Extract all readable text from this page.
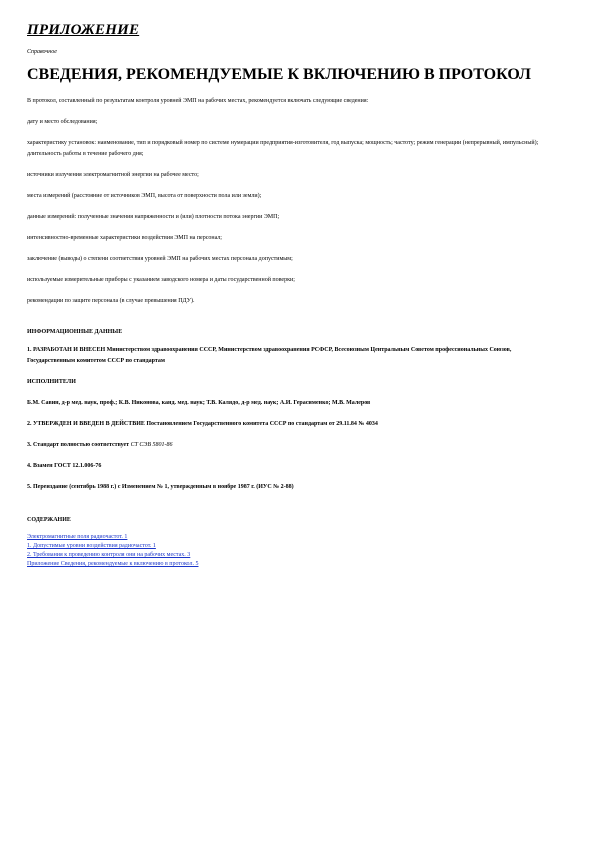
ПРИЛОЖЕНИЕ
Справочное
СВЕДЕНИЯ, РЕКОМЕНДУЕМЫЕ К ВКЛЮЧЕНИЮ В ПРОТОКОЛ

В протокол, составленный по результатам контроля уровней ЭМП на рабочих местах, рекомендуется включать следующие сведения:

дату и место обследования;

характеристику установок: наименование, тип и порядковый номер по системе нумерации предприятия-изготовителя, год выпуска; мощность; частоту; режим генерации (непрерывный, импульсный); длительность работы в течение рабочего дня;

источники излучения электромагнитной энергии на рабочее место;

места измерений (расстояние от источников ЭМП, высота от поверхности пола или земли);

данные измерений: полученные значения напряженности и (или) плотности потока энергии ЭМП;

интенсивностно-временные характеристики воздействия ЭМП на персонал;

заключение (выводы) о степени соответствия уровней ЭМП на рабочих местах персонала допустимым;

используемые измерительные приборы с указанием заводского номера и даты государственной поверки;

рекомендации по защите персонала (в случае превышения ПДУ).

ИНФОРМАЦИОННЫЕ ДАННЫЕ

1. РАЗРАБОТАН И ВНЕСЕН Министерством здравоохранения СССР, Министерством здравоохранения РСФСР, Всесоюзным Центральным Советом профессиональных Союзов, Государственным комитетом СССР по стандартам

ИСПОЛНИТЕЛИ

Б.М. Савин, д-р мед. наук, проф.; К.В. Никонова, канд. мед. наук; Т.В. Калядо, д-р мед. наук; А.И. Герасименко; М.В. Малеров

2. УТВЕРЖДЕН И ВВЕДЕН В ДЕЙСТВИЕ Постановлением Государственного комитета СССР по стандартам от 29.11.84 № 4034

3. Стандарт полностью соответствует СТ СЭВ 5801-86

4. Взамен ГОСТ 12.1.006-76

5. Переиздание (сентябрь 1988 г.) с Изменением № 1, утвержденным в ноябре 1987 г. (ИУС № 2-88)

СОДЕРЖАНИЕ
Электромагнитные поля радиочастот. 1
1. Допустимые уровни воздействия радиочастот. 1
2. Требования к проведению контроля они на рабочих местах. 3
Приложение Сведения, рекомендуемые к включению в протокол. 5
